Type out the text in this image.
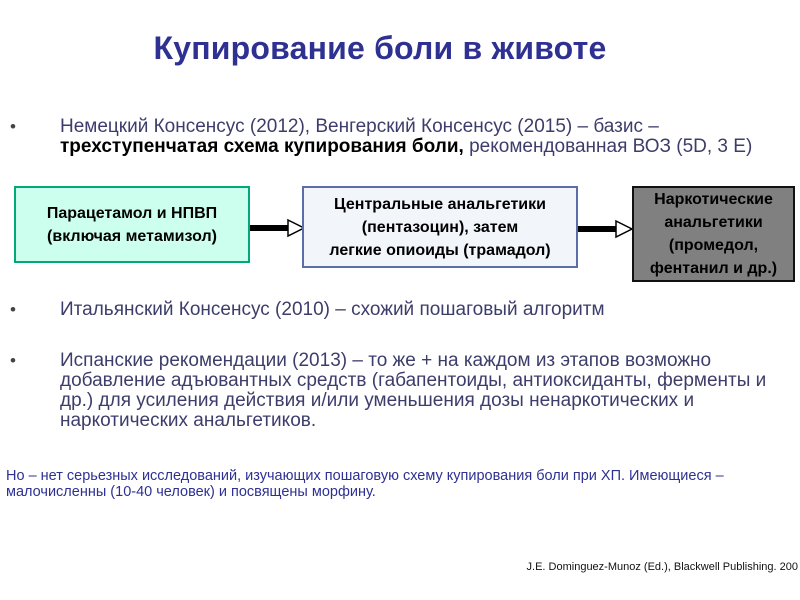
Купирование боли в животе
•	Немецкий Консенсус (2012), Венгерский Консенсус (2015) – базис – трехступенчатая схема купирования боли, рекомендованная ВОЗ (5D, 3 E)
Парацетамол и НПВП
(включая метамизол)
Центральные анальгетики
(пентазоцин), затем
легкие опиоиды (трамадол)
Наркотические
анальгетики
(промедол,
фентанил и др.)
•	Итальянский Консенсус (2010) – схожий пошаговый алгоритм
•	Испанские рекомендации (2013) – то же + на каждом из этапов возможно добавление адъювантных средств (габапентоиды, антиоксиданты, ферменты и др.) для усиления действия и/или уменьшения дозы ненаркотических и наркотических анальгетиков.
Но – нет серьезных исследований, изучающих пошаговую схему купирования боли при ХП. Имеющиеся – малочисленны (10-40 человек) и посвящены морфину.
J.E. Dominguez-Munoz (Ed.), Blackwell Publishing. 200
